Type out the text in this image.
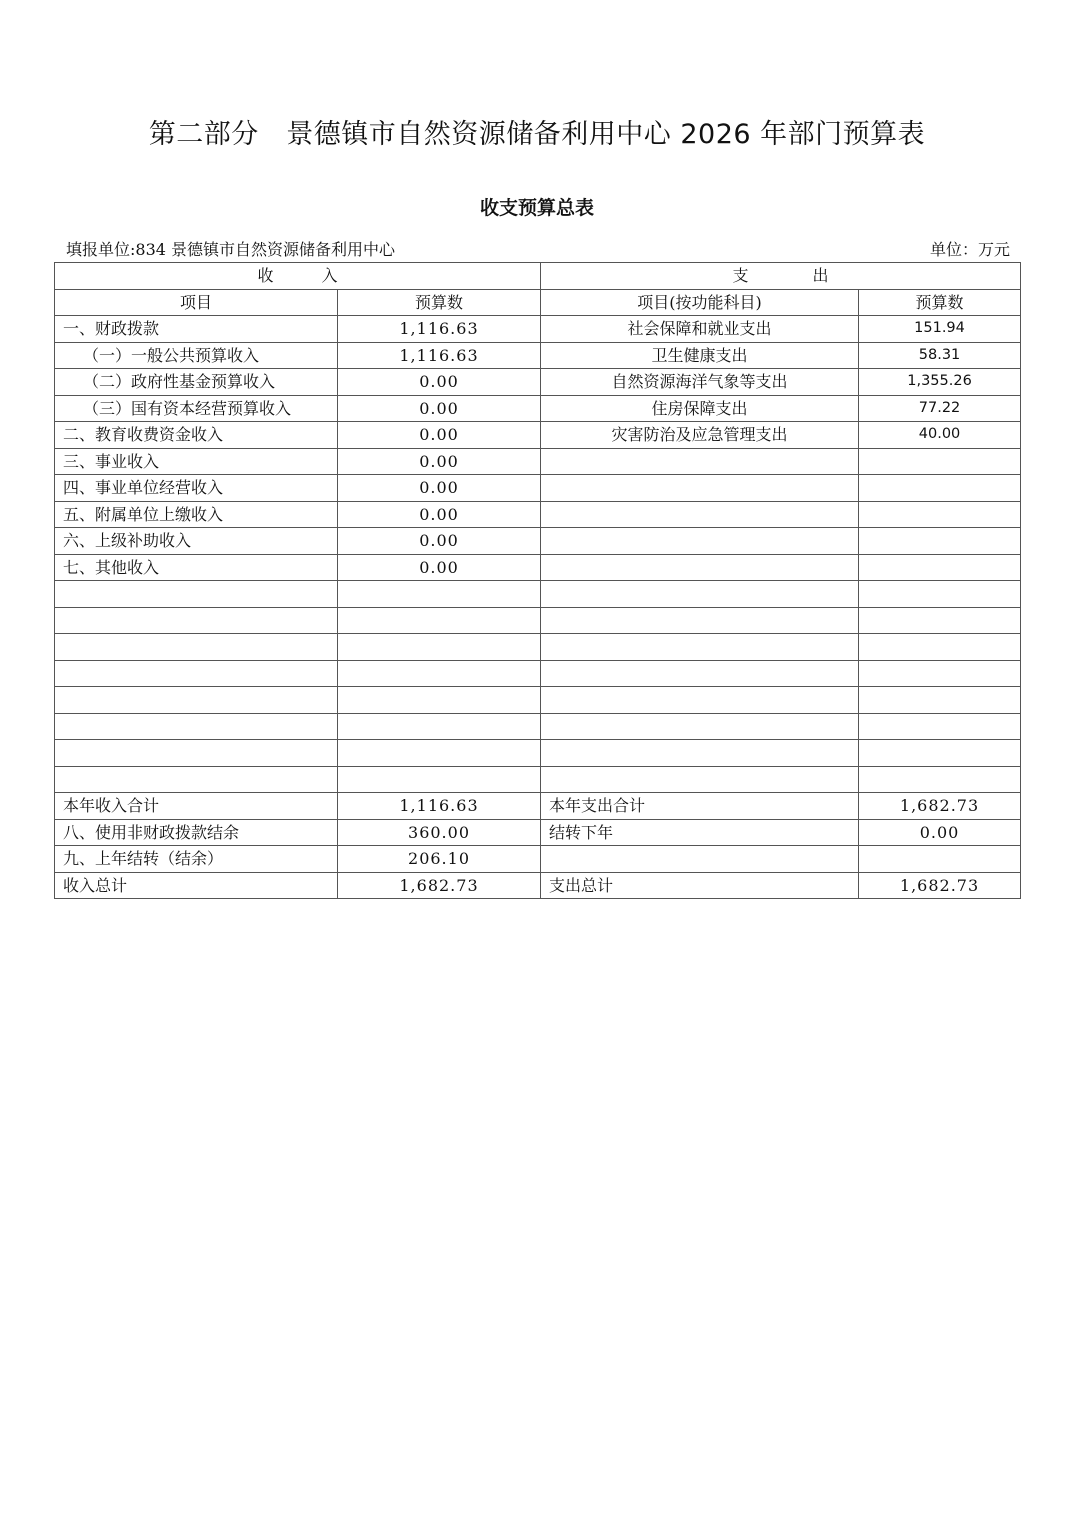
第二部分　景德镇市自然资源储备利用中心 2026 年部门预算表
收支预算总表
填报单位:834 景德镇市自然资源储备利用中心	单位：万元
收　　　入		支　　　　出	
项目	预算数	项目(按功能科目)	预算数
一、财政拨款	1,116.63	社会保障和就业支出	151.94
（一）一般公共预算收入	1,116.63	卫生健康支出	58.31
（二）政府性基金预算收入	0.00	自然资源海洋气象等支出	1,355.26
（三）国有资本经营预算收入	0.00	住房保障支出	77.22
二、教育收费资金收入	0.00	灾害防治及应急管理支出	40.00
三、事业收入	0.00		
四、事业单位经营收入	0.00		
五、附属单位上缴收入	0.00		
六、上级补助收入	0.00		
七、其他收入	0.00		

本年收入合计	1,116.63	本年支出合计	1,682.73
八、使用非财政拨款结余	360.00	结转下年	0.00
九、上年结转（结余）	206.10		
收入总计	1,682.73	支出总计	1,682.73
